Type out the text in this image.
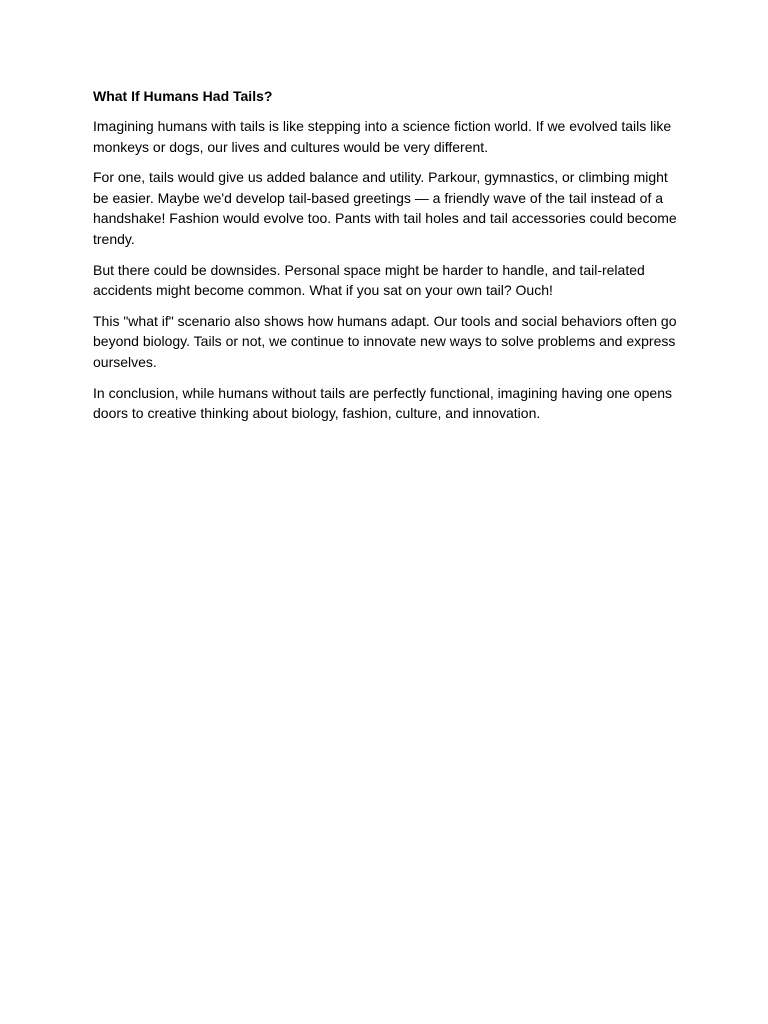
What If Humans Had Tails?

Imagining humans with tails is like stepping into a science fiction world. If we evolved tails like monkeys or dogs, our lives and cultures would be very different.

For one, tails would give us added balance and utility. Parkour, gymnastics, or climbing might be easier. Maybe we'd develop tail-based greetings — a friendly wave of the tail instead of a handshake! Fashion would evolve too. Pants with tail holes and tail accessories could become trendy.

But there could be downsides. Personal space might be harder to handle, and tail-related accidents might become common. What if you sat on your own tail? Ouch!

This "what if" scenario also shows how humans adapt. Our tools and social behaviors often go beyond biology. Tails or not, we continue to innovate new ways to solve problems and express ourselves.

In conclusion, while humans without tails are perfectly functional, imagining having one opens doors to creative thinking about biology, fashion, culture, and innovation.
